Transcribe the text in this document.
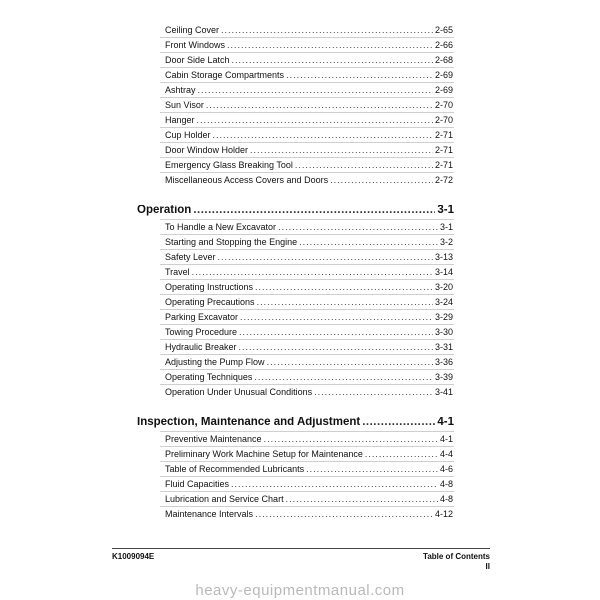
Ceiling Cover .....	2-65
Front Windows .....	2-66
Door Side Latch .....	2-68
Cabin Storage Compartments .....	2-69
Ashtray .....	2-69
Sun Visor .....	2-70
Hanger .....	2-70
Cup Holder .....	2-71
Door Window Holder .....	2-71
Emergency Glass Breaking Tool .....	2-71
Miscellaneous Access Covers and Doors .....	2-72
Operation .....	3-1
To Handle a New Excavator .....	3-1
Starting and Stopping the Engine .....	3-2
Safety Lever .....	3-13
Travel .....	3-14
Operating Instructions .....	3-20
Operating Precautions .....	3-24
Parking Excavator .....	3-29
Towing Procedure .....	3-30
Hydraulic Breaker .....	3-31
Adjusting the Pump Flow .....	3-36
Operating Techniques .....	3-39
Operation Under Unusual Conditions .....	3-41
Inspection, Maintenance and Adjustment .....	4-1
Preventive Maintenance .....	4-1
Preliminary Work Machine Setup for Maintenance .....	4-4
Table of Recommended Lubricants .....	4-6
Fluid Capacities .....	4-8
Lubrication and Service Chart .....	4-8
Maintenance Intervals .....	4-12
K1009094E	Table of Contents
II
heavy-equipmentmanual.com
